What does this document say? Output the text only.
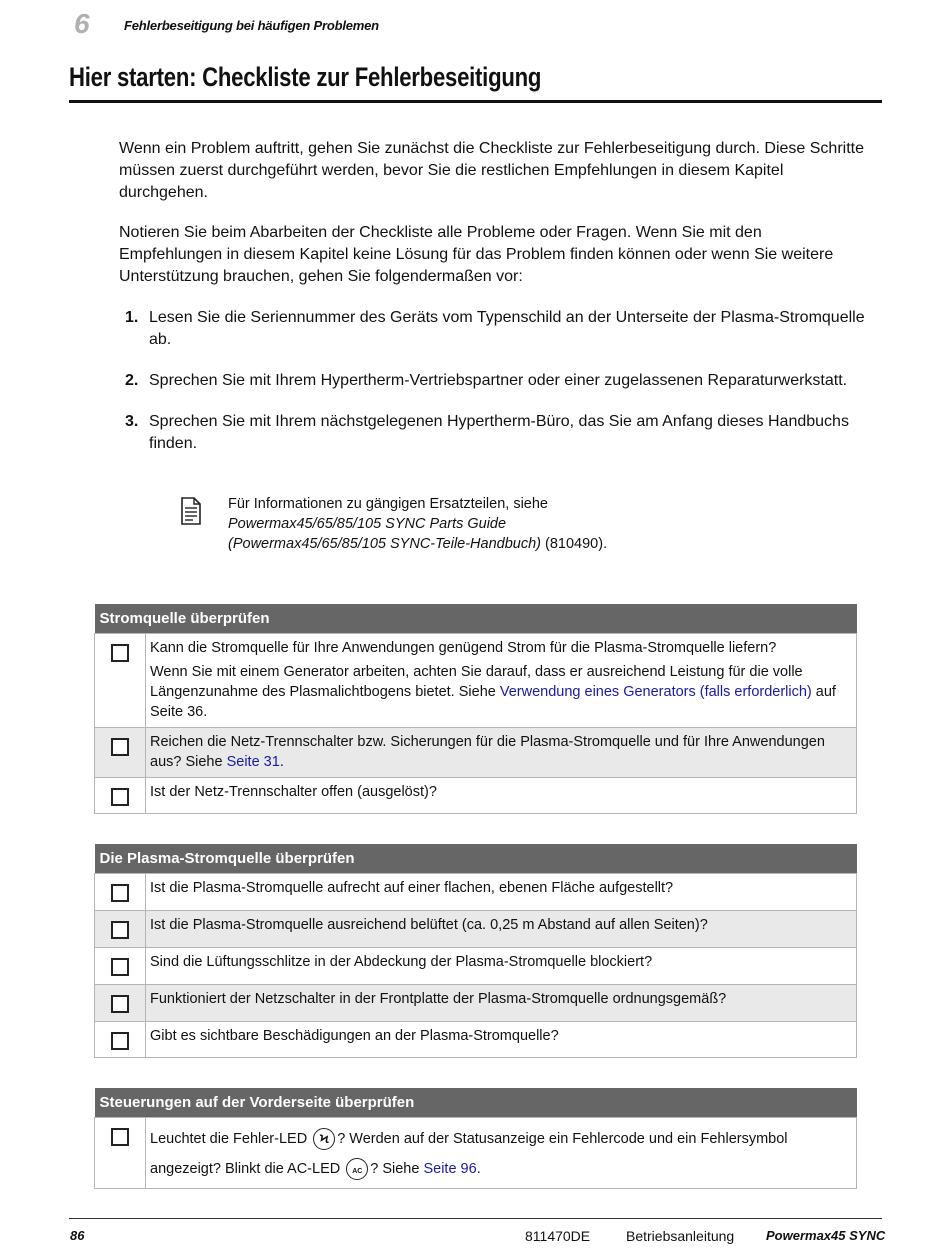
6	Fehlerbeseitigung bei häufigen Problemen
Hier starten: Checkliste zur Fehlerbeseitigung

Wenn ein Problem auftritt, gehen Sie zunächst die Checkliste zur Fehlerbeseitigung durch. Diese Schritte müssen zuerst durchgeführt werden, bevor Sie die restlichen Empfehlungen in diesem Kapitel durchgehen.

Notieren Sie beim Abarbeiten der Checkliste alle Probleme oder Fragen. Wenn Sie mit den Empfehlungen in diesem Kapitel keine Lösung für das Problem finden können oder wenn Sie weitere Unterstützung brauchen, gehen Sie folgendermaßen vor:

1. Lesen Sie die Seriennummer des Geräts vom Typenschild an der Unterseite der Plasma-Stromquelle ab.
2. Sprechen Sie mit Ihrem Hypertherm-Vertriebspartner oder einer zugelassenen Reparaturwerkstatt.
3. Sprechen Sie mit Ihrem nächstgelegenen Hypertherm-Büro, das Sie am Anfang dieses Handbuchs finden.
Für Informationen zu gängigen Ersatzteilen, siehe
Powermax45/65/85/105 SYNC Parts Guide
(Powermax45/65/85/105 SYNC-Teile-Handbuch) (810490).
Stromquelle überprüfen	

	Kann die Stromquelle für Ihre Anwendungen genügend Strom für die Plasma-Stromquelle liefern?

Wenn Sie mit einem Generator arbeiten, achten Sie darauf, dass er ausreichend Leistung für die volle Längenzunahme des Plasmalichtbogens bietet. Siehe Verwendung eines Generators (falls erforderlich) auf Seite 36.

	Reichen die Netz-Trennschalter bzw. Sicherungen für die Plasma-Stromquelle und für Ihre Anwendungen aus? Siehe Seite 31.
	Ist der Netz-Trennschalter offen (ausgelöst)?
Die Plasma-Stromquelle überprüfen	
	Ist die Plasma-Stromquelle aufrecht auf einer flachen, ebenen Fläche aufgestellt?
	Ist die Plasma-Stromquelle ausreichend belüftet (ca. 0,25 m Abstand auf allen Seiten)?
	Sind die Lüftungsschlitze in der Abdeckung der Plasma-Stromquelle blockiert?
	Funktioniert der Netzschalter in der Frontplatte der Plasma-Stromquelle ordnungsgemäß?
	Gibt es sichtbare Beschädigungen an der Plasma-Stromquelle?
Steuerungen auf der Vorderseite überprüfen
	Leuchtet die Fehler-LED Ϟ ? Werden auf der Statusanzeige ein Fehlercode und ein Fehlersymbol angezeigt? Blinkt die AC-LED AC ? Siehe Seite 96.
86	811470DE	Betriebsanleitung Powermax45 SYNC
